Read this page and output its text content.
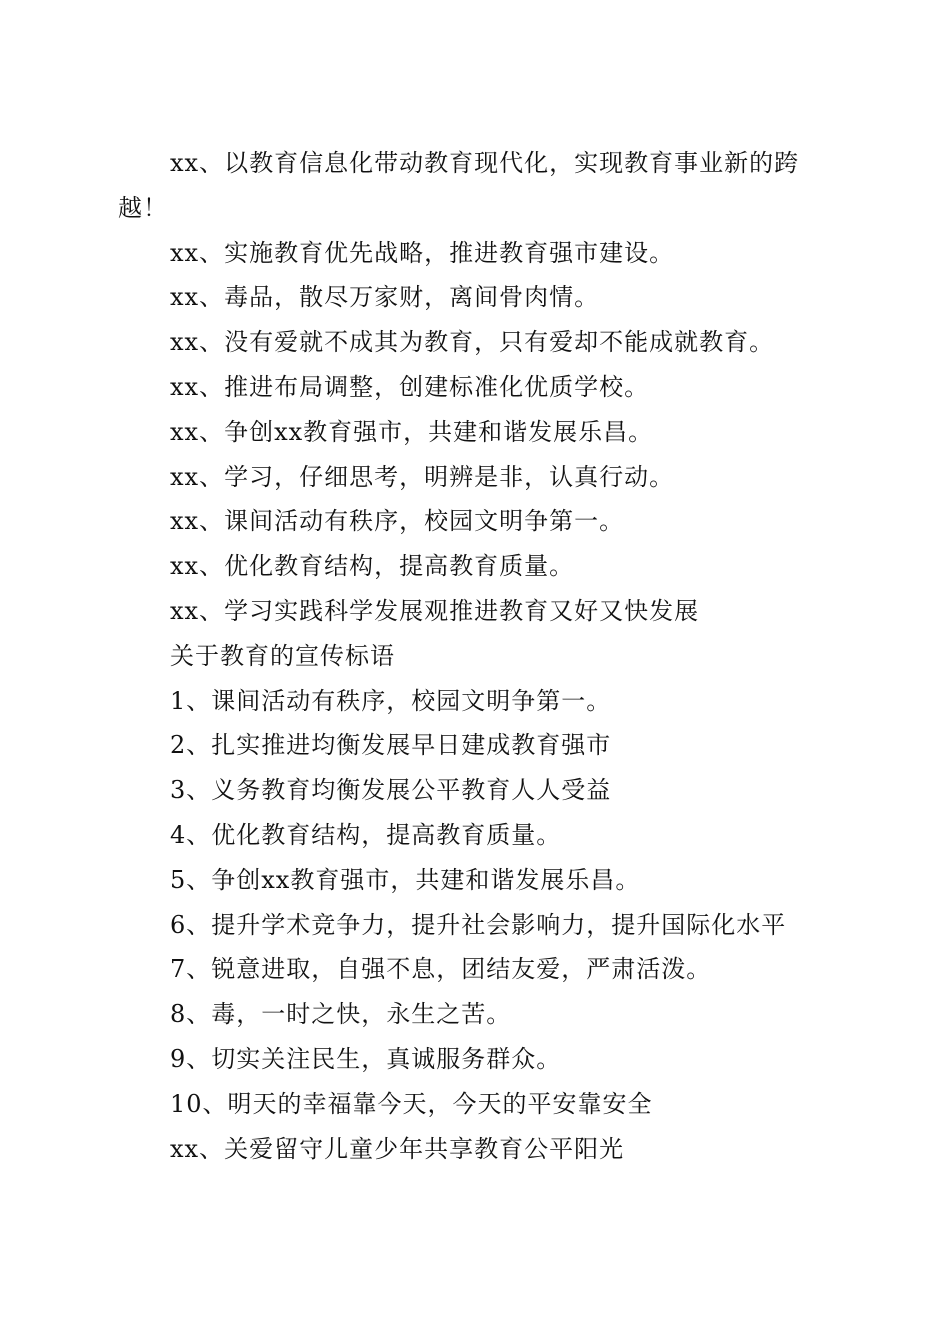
xx、以教育信息化带动教育现代化，实现教育事业新的跨

越！

xx、实施教育优先战略，推进教育强市建设。

xx、毒品，散尽万家财，离间骨肉情。

xx、没有爱就不成其为教育，只有爱却不能成就教育。

xx、推进布局调整，创建标准化优质学校。

xx、争创xx教育强市，共建和谐发展乐昌。

xx、学习，仔细思考，明辨是非，认真行动。

xx、课间活动有秩序，校园文明争第一。

xx、优化教育结构，提高教育质量。

xx、学习实践科学发展观推进教育又好又快发展

关于教育的宣传标语

1、课间活动有秩序，校园文明争第一。

2、扎实推进均衡发展早日建成教育强市

3、义务教育均衡发展公平教育人人受益

4、优化教育结构，提高教育质量。

5、争创xx教育强市，共建和谐发展乐昌。

6、提升学术竞争力，提升社会影响力，提升国际化水平

7、锐意进取，自强不息，团结友爱，严肃活泼。

8、毒，一时之快，永生之苦。

9、切实关注民生，真诚服务群众。

10、明天的幸福靠今天，今天的平安靠安全

xx、关爱留守儿童少年共享教育公平阳光
